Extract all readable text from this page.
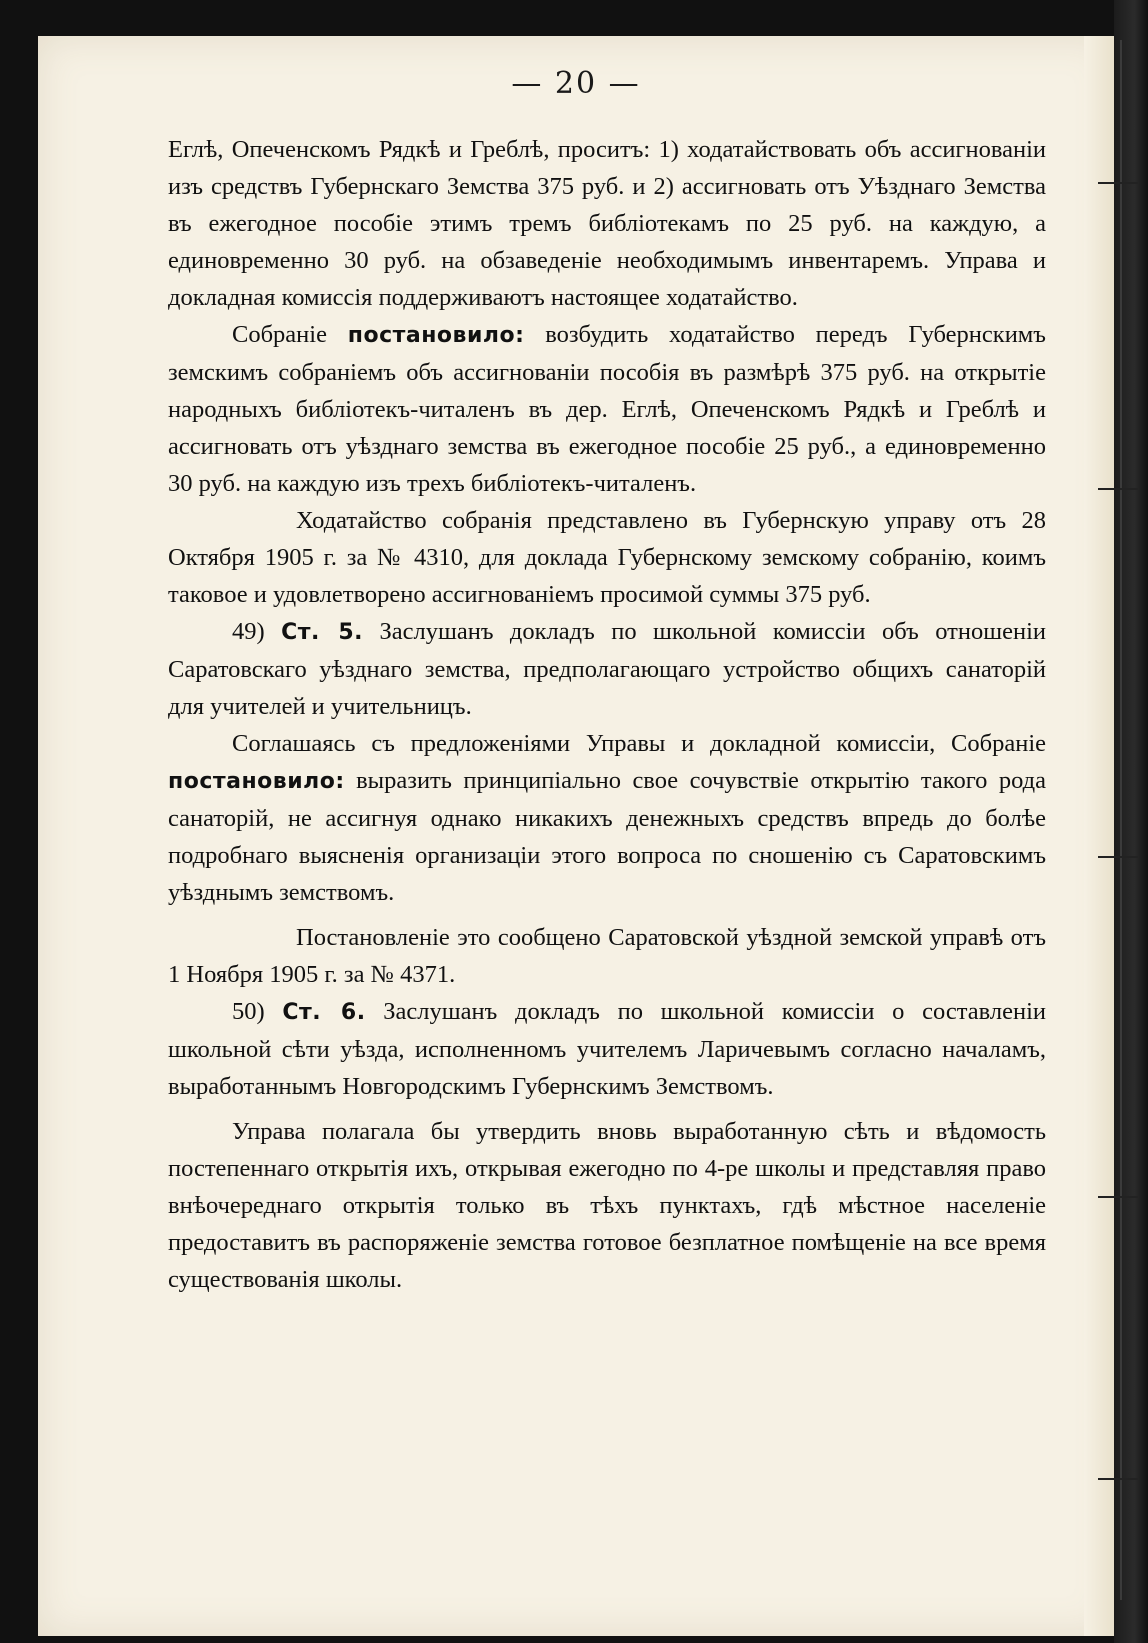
— 20 —

Еглѣ, Опеченскомъ Рядкѣ и Греблѣ, проситъ: 1) ходатайствовать объ ассигнованіи изъ средствъ Губернскаго Земства 375 руб. и 2) ассигновать отъ Уѣзднаго Земства въ ежегодное пособіе этимъ тремъ библіотекамъ по 25 руб. на каждую, а единовременно 30 руб. на обзаведеніе необходимымъ инвентаремъ. Управа и докладная комиссія поддерживаютъ настоящее ходатайство.

Собраніе постановило: возбудить ходатайство передъ Губернскимъ земскимъ собраніемъ объ ассигнованіи пособія въ размѣрѣ 375 руб. на открытіе народныхъ библіотекъ-читаленъ въ дер. Еглѣ, Опеченскомъ Рядкѣ и Греблѣ и ассигновать отъ уѣзднаго земства въ ежегодное пособіе 25 руб., а единовременно 30 руб. на каждую изъ трехъ библіотекъ-читаленъ.

Ходатайство собранія представлено въ Губернскую управу отъ 28 Октября 1905 г. за № 4310, для доклада Губернскому земскому собранію, коимъ таковое и удовлетворено ассигнованіемъ просимой суммы 375 руб.

49) Ст. 5. Заслушанъ докладъ по школьной комиссіи объ отношеніи Саратовскаго уѣзднаго земства, предполагающаго устройство общихъ санаторій для учителей и учительницъ.

Соглашаясь съ предложеніями Управы и докладной комиссіи, Собраніе постановило: выразить принципіально свое сочувствіе открытію такого рода санаторій, не ассигнуя однако никакихъ денежныхъ средствъ впредь до болѣе подробнаго выясненія организаціи этого вопроса по сношенію съ Саратовскимъ уѣзднымъ земствомъ.

Постановленіе это сообщено Саратовской уѣздной земской управѣ отъ 1 Ноября 1905 г. за № 4371.

50) Ст. 6. Заслушанъ докладъ по школьной комиссіи о составленіи школьной сѣти уѣзда, исполненномъ учителемъ Ларичевымъ согласно началамъ, выработаннымъ Новгородскимъ Губернскимъ Земствомъ.

Управа полагала бы утвердить вновь выработанную сѣть и вѣдомость постепеннаго открытія ихъ, открывая ежегодно по 4-ре школы и представляя право внѣочереднаго открытія только въ тѣхъ пунктахъ, гдѣ мѣстное населеніе предоставитъ въ распоряженіе земства готовое безплатное помѣщеніе на все время существованія школы.
